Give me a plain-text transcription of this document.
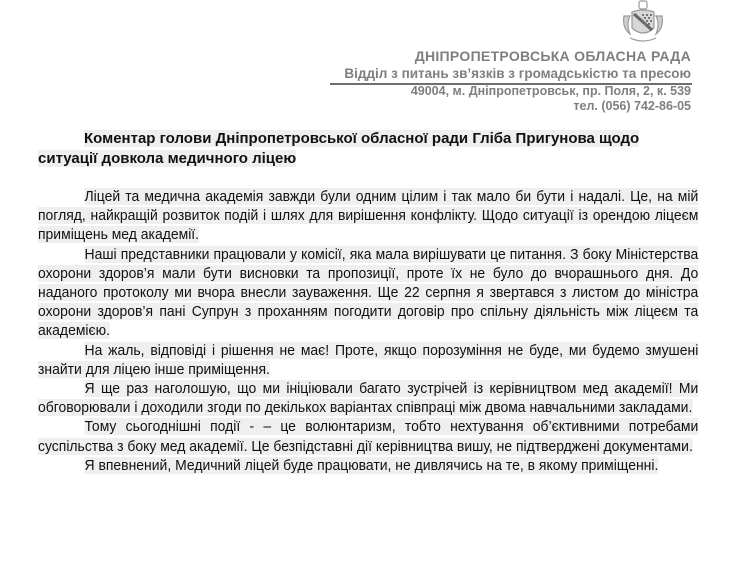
ДНІПРОПЕТРОВСЬКА ОБЛАСНА РАДА
Відділ з питань зв’язків з громадськістю та пресою
49004, м. Дніпропетровськ, пр. Поля, 2, к. 539
тел. (056) 742-86-05
Коментар голови Дніпропетровської обласної ради Гліба Пригунова щодо ситуації довкола медичного ліцею

Ліцей та медична академія завжди були одним цілим і так мало би бути і надалі. Це, на мій погляд, найкращій розвиток подій і шлях для вирішення конфлікту. Щодо ситуації із орендою ліцеєм приміщень мед академії.

Наші представники працювали у комісії, яка мала вирішувати це питання. З боку Міністерства охорони здоров’я мали бути висновки та пропозиції, проте їх не було до вчорашнього дня. До наданого протоколу ми вчора внесли зауваження. Ще 22 серпня я звертався з листом до міністра охорони здоров’я пані Супрун з проханням погодити договір про спільну діяльність між ліцеєм та академією.

На жаль, відповіді і рішення не має! Проте, якщо порозуміння не буде, ми будемо змушені знайти для ліцею інше приміщення.

Я ще раз наголошую, що ми ініціювали багато зустрічей із керівництвом мед академії! Ми обговорювали і доходили згоди по декількох варіантах співпраці між двома навчальними закладами.

Тому сьогоднішні події - – це волюнтаризм, тобто нехтування об’єктивними потребами суспільства з боку мед академії. Це безпідставні дії керівництва вишу, не підтверджені документами.

Я впевнений, Медичний ліцей буде працювати, не дивлячись на те, в якому приміщенні.
